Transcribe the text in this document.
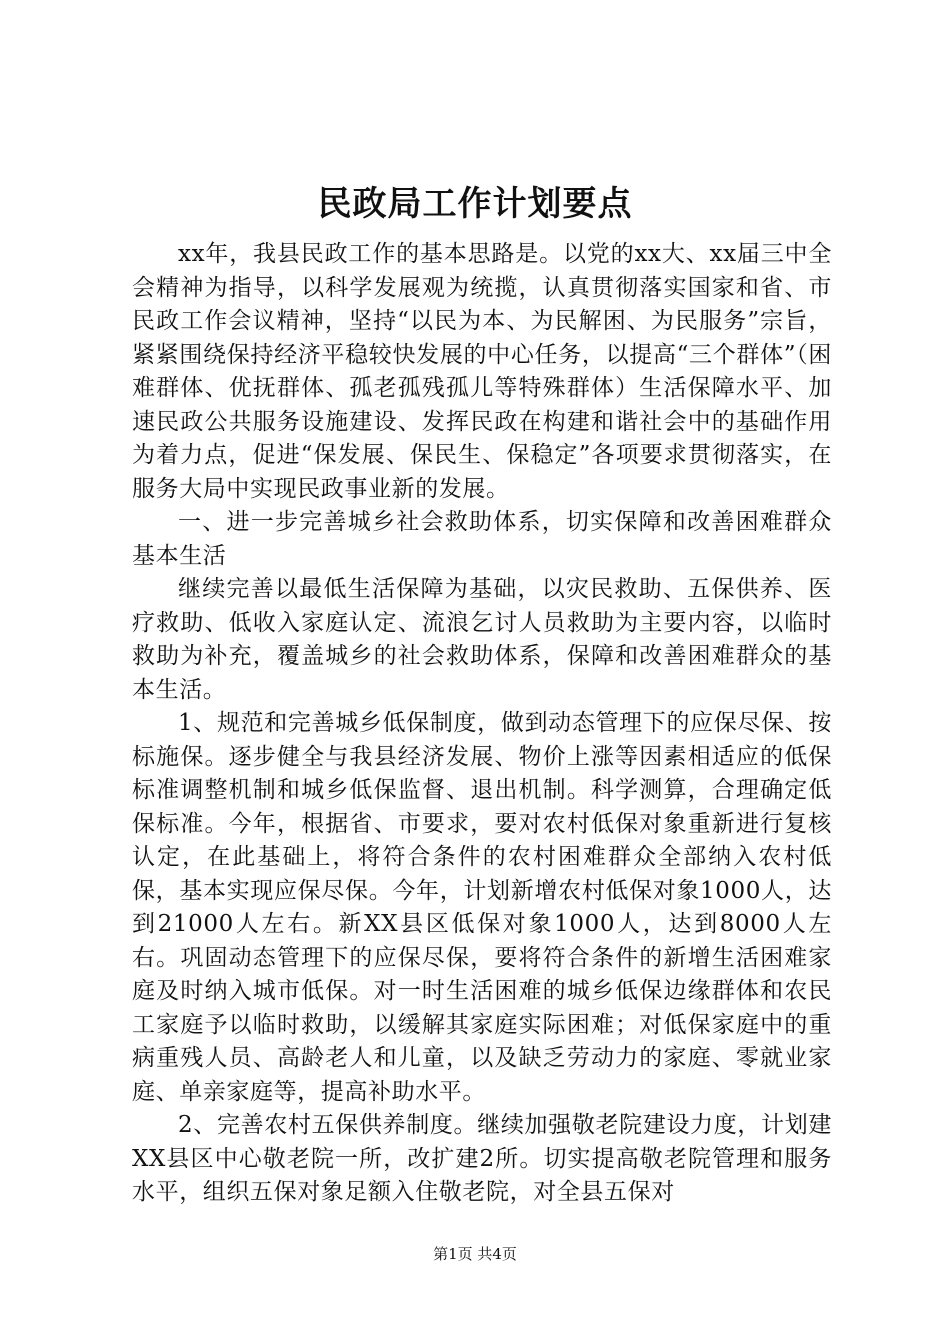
民政局工作计划要点

xx年，我县民政工作的基本思路是。以党的xx大、xx届三中全会精神为指导，以科学发展观为统揽，认真贯彻落实国家和省、市民政工作会议精神，坚持“以民为本、为民解困、为民服务”宗旨，紧紧围绕保持经济平稳较快发展的中心任务，以提高“三个群体”（困难群体、优抚群体、孤老孤残孤儿等特殊群体）生活保障水平、加速民政公共服务设施建设、发挥民政在构建和谐社会中的基础作用为着力点，促进“保发展、保民生、保稳定”各项要求贯彻落实，在服务大局中实现民政事业新的发展。

一、进一步完善城乡社会救助体系，切实保障和改善困难群众基本生活

继续完善以最低生活保障为基础，以灾民救助、五保供养、医疗救助、低收入家庭认定、流浪乞讨人员救助为主要内容，以临时救助为补充，覆盖城乡的社会救助体系，保障和改善困难群众的基本生活。

1、规范和完善城乡低保制度，做到动态管理下的应保尽保、按标施保。逐步健全与我县经济发展、物价上涨等因素相适应的低保标准调整机制和城乡低保监督、退出机制。科学测算，合理确定低保标准。今年，根据省、市要求，要对农村低保对象重新进行复核认定，在此基础上，将符合条件的农村困难群众全部纳入农村低保，基本实现应保尽保。今年，计划新增农村低保对象1000人，达到21000人左右。新XX县区低保对象1000人，达到8000人左右。巩固动态管理下的应保尽保，要将符合条件的新增生活困难家庭及时纳入城市低保。对一时生活困难的城乡低保边缘群体和农民工家庭予以临时救助，以缓解其家庭实际困难；对低保家庭中的重病重残人员、高龄老人和儿童，以及缺乏劳动力的家庭、零就业家庭、单亲家庭等，提高补助水平。

2、完善农村五保供养制度。继续加强敬老院建设力度，计划建XX县区中心敬老院一所，改扩建2所。切实提高敬老院管理和服务水平，组织五保对象足额入住敬老院，对全县五保对

第1页 共4页
